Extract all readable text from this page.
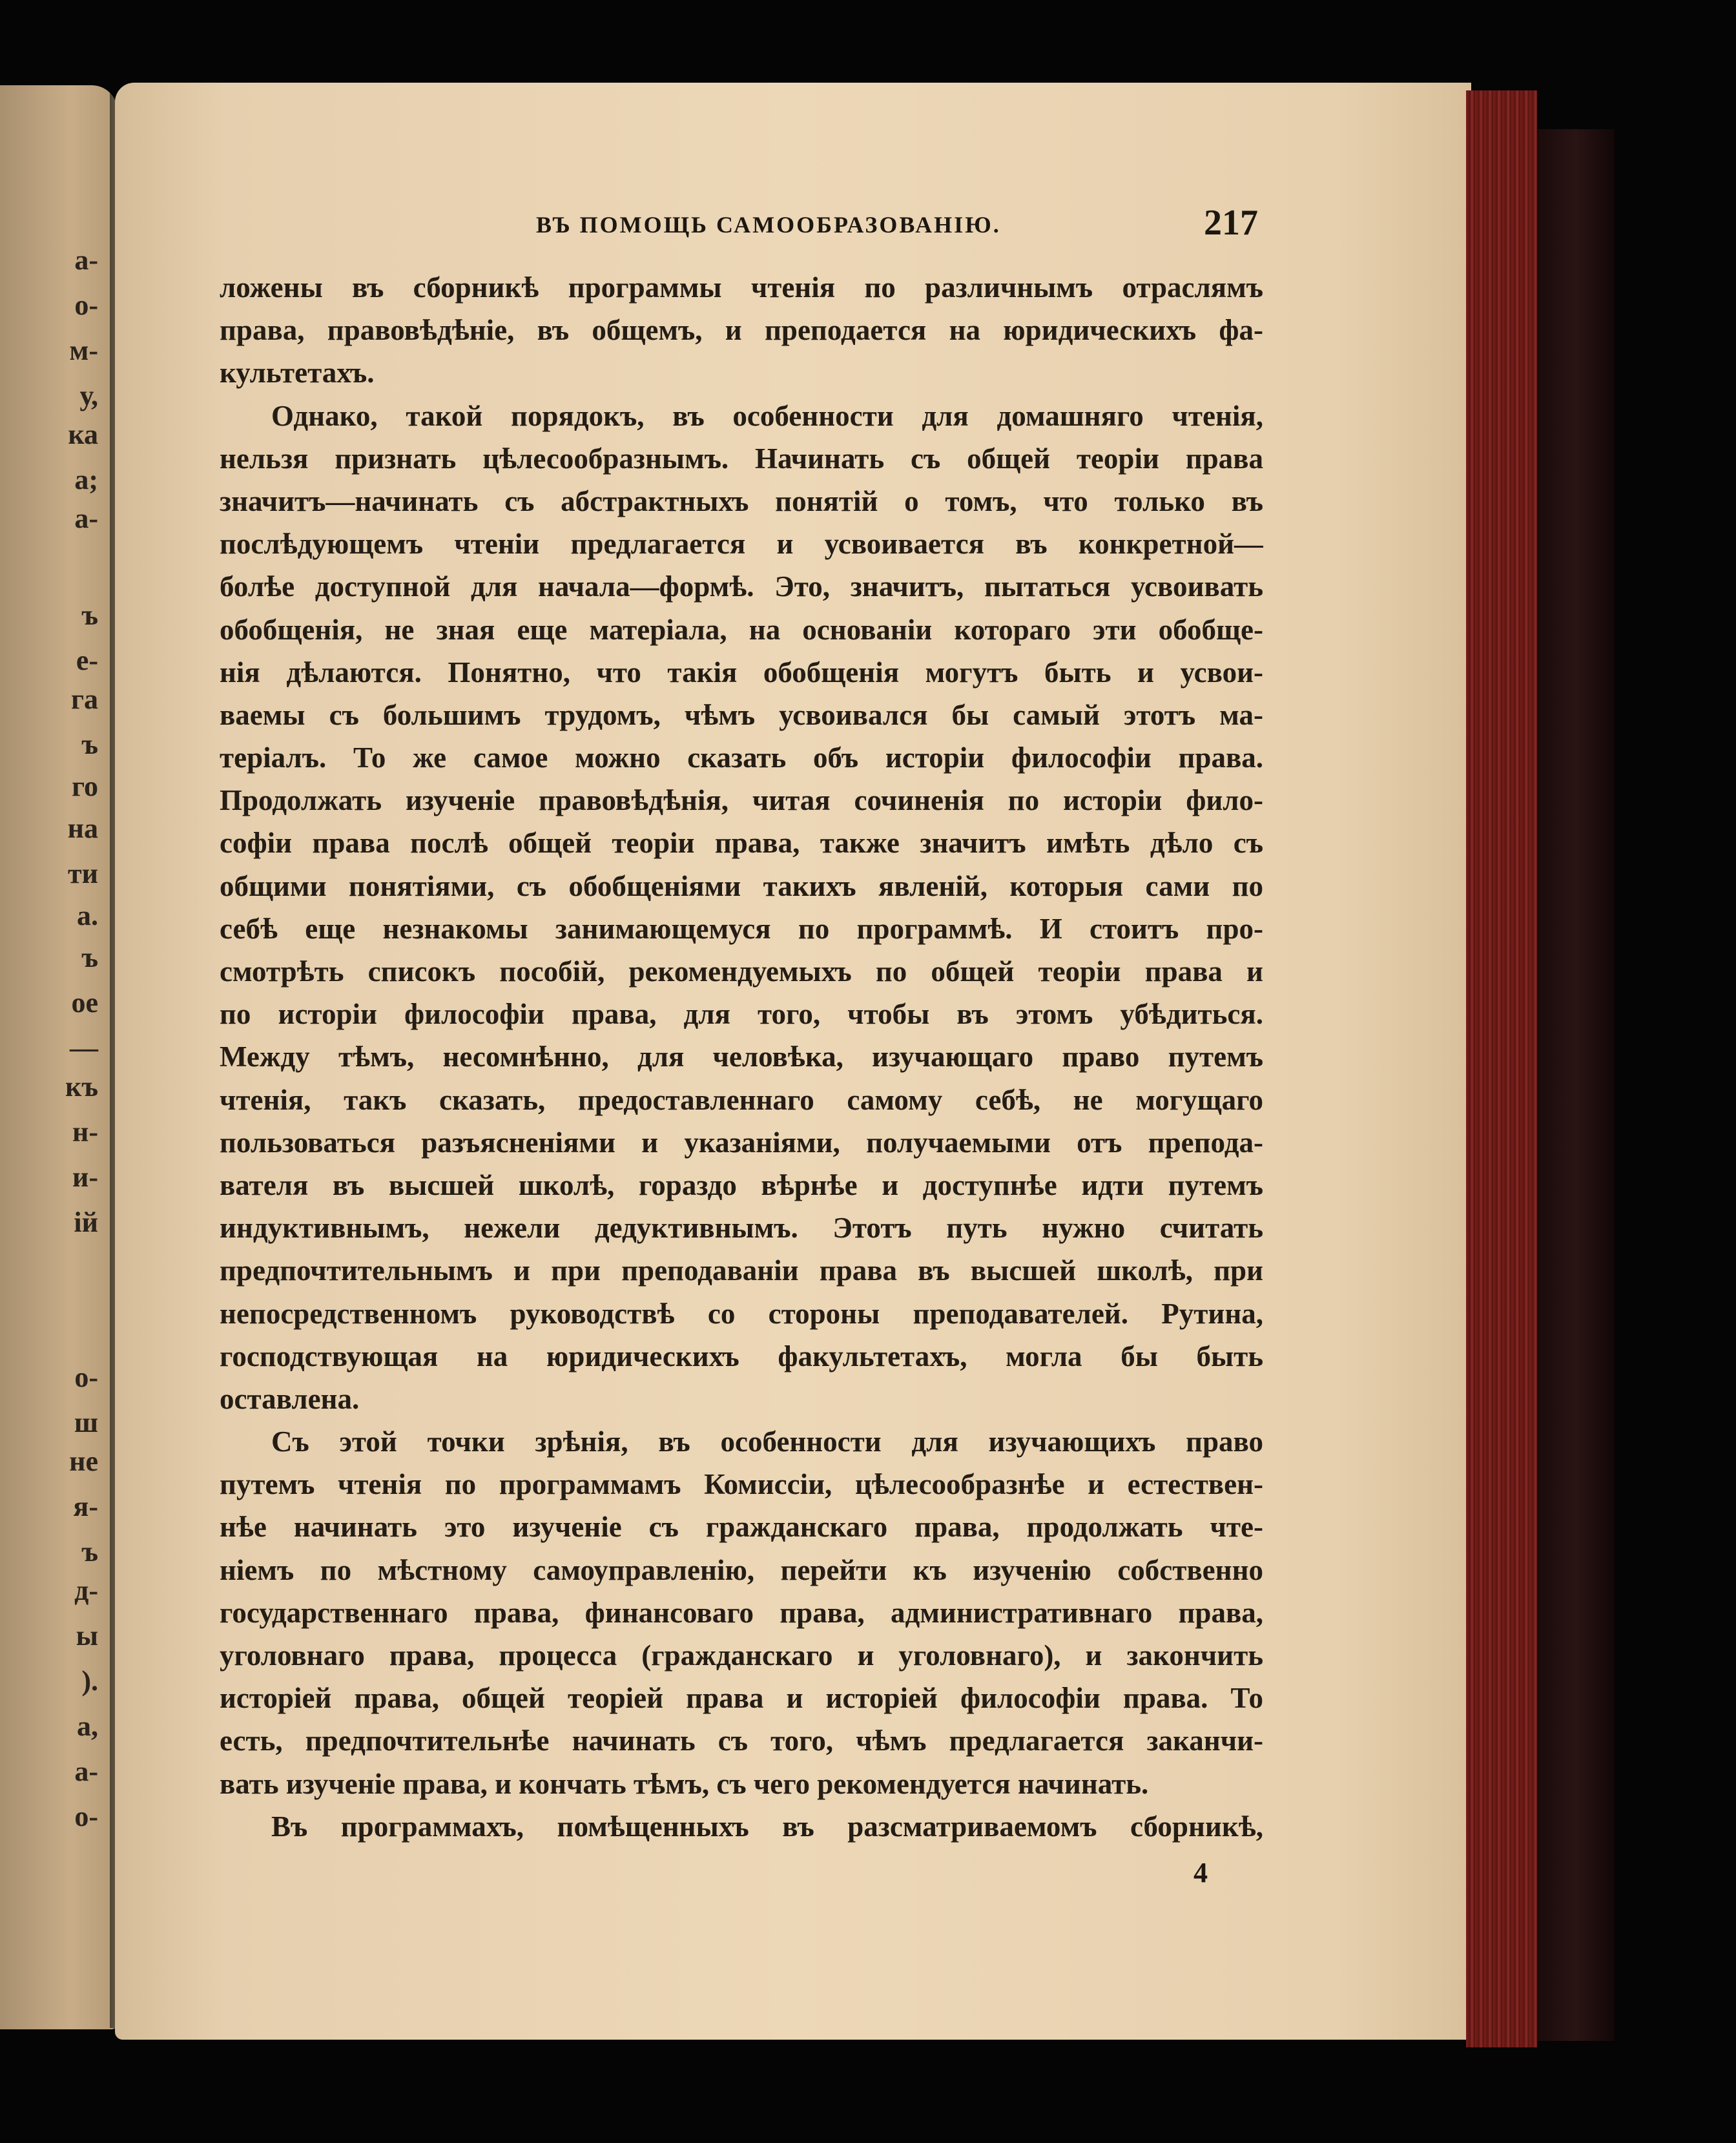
а-
о-
м-
у,
ка
а;
а-
ъ
е-
га
ъ
го
на
ти
а.
ъ
ое
—
къ
н-
и-
ій
о-
ш
не
я-
ъ
д-
ы
).
а,
а-
о-
ВЪ ПОМОЩЬ САМООБРАЗОВАНІЮ.	217
ложены въ сборникѣ программы чтенія по различнымъ отраслямъ
права, правовѣдѣніе, въ общемъ, и преподается на юридическихъ фа-
культетахъ.
Однако, такой порядокъ, въ особенности для домашняго чтенія,
нельзя признать цѣлесообразнымъ. Начинать съ общей теоріи права
значитъ—начинать съ абстрактныхъ понятій о томъ, что только въ
послѣдующемъ чтеніи предлагается и усвоивается въ конкретной—
болѣе доступной для начала—формѣ. Это, значитъ, пытаться усвоивать
обобщенія, не зная еще матеріала, на основаніи котораго эти обобще-
нія дѣлаются. Понятно, что такія обобщенія могутъ быть и усвои-
ваемы съ большимъ трудомъ, чѣмъ усвоивался бы самый этотъ ма-
теріалъ. То же самое можно сказать объ исторіи философіи права.
Продолжать изученіе правовѣдѣнія, читая сочиненія по исторіи фило-
софіи права послѣ общей теоріи права, также значитъ имѣть дѣло съ
общими понятіями, съ обобщеніями такихъ явленій, которыя сами по
себѣ еще незнакомы занимающемуся по программѣ. И стоитъ про-
смотрѣть списокъ пособій, рекомендуемыхъ по общей теоріи права и
по исторіи философіи права, для того, чтобы въ этомъ убѣдиться.
Между тѣмъ, несомнѣнно, для человѣка, изучающаго право путемъ
чтенія, такъ сказать, предоставленнаго самому себѣ, не могущаго
пользоваться разъясненіями и указаніями, получаемыми отъ препода-
вателя въ высшей школѣ, гораздо вѣрнѣе и доступнѣе идти путемъ
индуктивнымъ, нежели дедуктивнымъ. Этотъ путь нужно считать
предпочтительнымъ и при преподаваніи права въ высшей школѣ, при
непосредственномъ руководствѣ со стороны преподавателей. Рутина,
господствующая на юридическихъ факультетахъ, могла бы быть
оставлена.
Съ этой точки зрѣнія, въ особенности для изучающихъ право
путемъ чтенія по программамъ Комиссіи, цѣлесообразнѣе и естествен-
нѣе начинать это изученіе съ гражданскаго права, продолжать чте-
ніемъ по мѣстному самоуправленію, перейти къ изученію собственно
государственнаго права, финансоваго права, административнаго права,
уголовнаго права, процесса (гражданскаго и уголовнаго), и закончить
исторіей права, общей теоріей права и исторіей философіи права. То
есть, предпочтительнѣе начинать съ того, чѣмъ предлагается заканчи-
вать изученіе права, и кончать тѣмъ, съ чего рекомендуется начинать.
Въ программахъ, помѣщенныхъ въ разсматриваемомъ сборникѣ,
4
